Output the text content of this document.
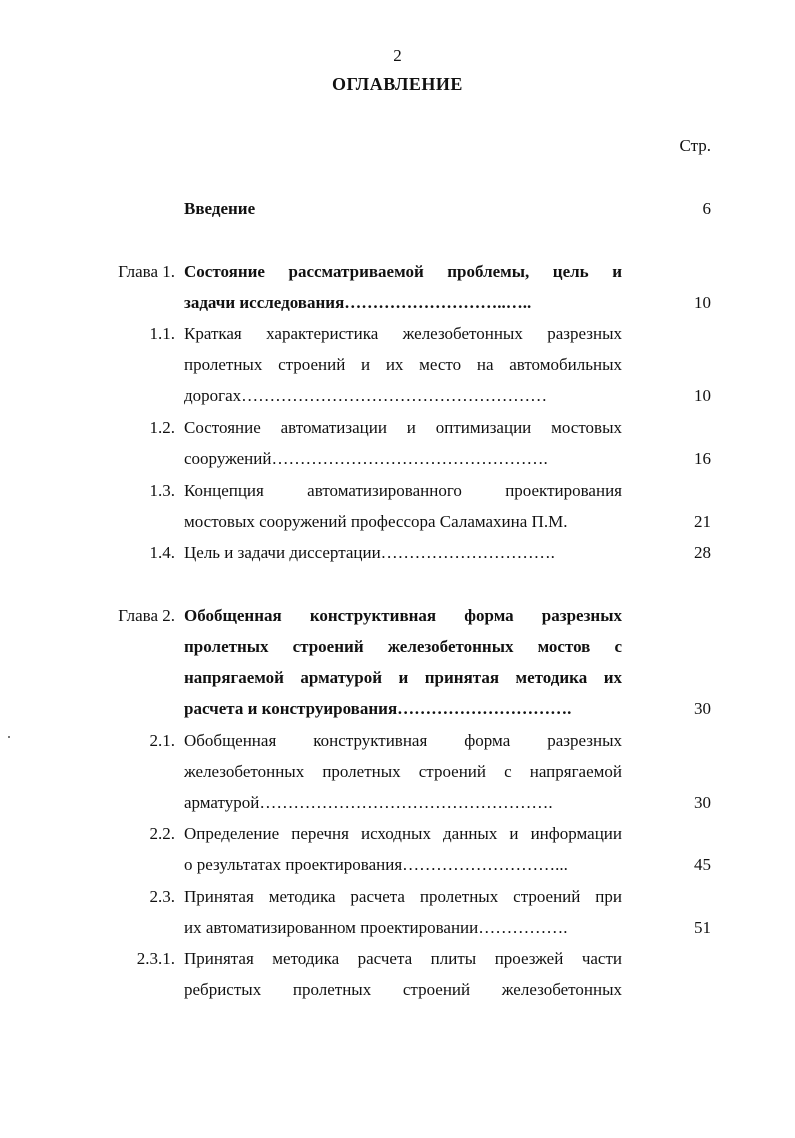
2
ОГЛАВЛЕНИЕ
Стр.
Введение	6
Глава 1. Состояние рассматриваемой проблемы, цель и
задачи исследования………………………..…..	10
1.1. Краткая характеристика железобетонных разрезных
пролетных строений и их место на автомобильных
дорогах………………………………………………	10
1.2. Состояние автоматизации и оптимизации мостовых
сооружений………………………………………….	16
1.3. Концепция автоматизированного проектирования
мостовых сооружений профессора Саламахина П.М.	21
1.4. Цель и задачи диссертации………………………….	28
Глава 2. Обобщенная конструктивная форма разрезных
пролетных строений железобетонных мостов с
напрягаемой арматурой и принятая методика их
расчета и конструирования………………………….	30
2.1. Обобщенная конструктивная форма разрезных
железобетонных пролетных строений с напрягаемой
арматурой…………………………………………….	30
2.2. Определение перечня исходных данных и информации
о результатах проектирования………………………...	45
2.3. Принятая методика расчета пролетных строений при
их автоматизированном проектировании…………….	51
2.3.1. Принятая методика расчета плиты проезжей части
ребристых пролетных строений железобетонных
